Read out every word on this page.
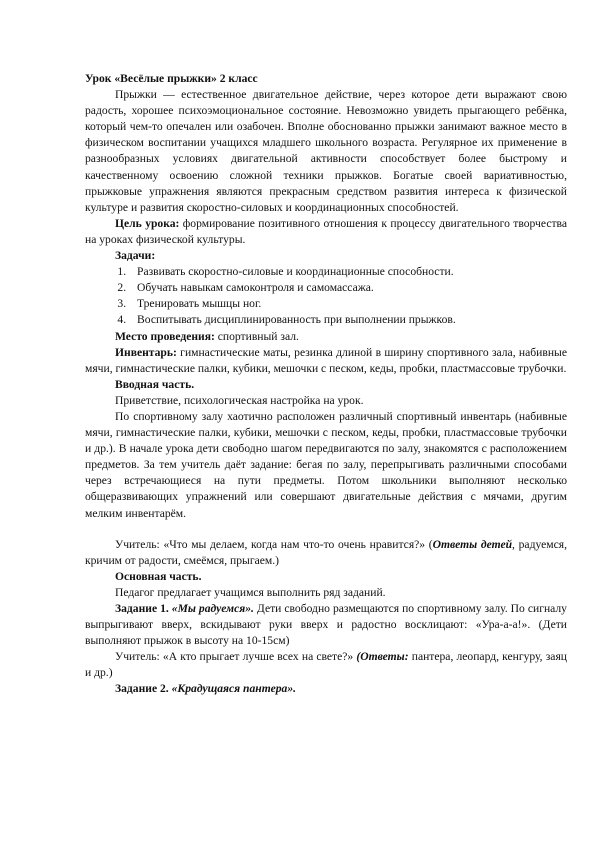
Урок «Весёлые прыжки» 2 класс

Прыжки — естественное двигательное действие, через которое дети выражают свою радость, хорошее психоэмоциональное состояние. Невозможно увидеть прыгающего ребёнка, который чем-то опечален или озабочен. Вполне обоснованно прыжки занимают важное место в физическом воспитании учащихся младшего школьного возраста. Регулярное их применение в разнообразных условиях двигательной активности способствует более быстрому и качественному освоению сложной техники прыжков. Богатые своей вариативностью, прыжковые упражнения являются прекрасным средством развития интереса к физической культуре и развития скоростно-силовых и координационных способностей.

Цель урока: формирование позитивного отношения к процессу двигательного творчества на уроках физической культуры.

Задачи:

1. Развивать скоростно-силовые и координационные способности.
2. Обучать навыкам самоконтроля и самомассажа.
3. Тренировать мышцы ног.
4. Воспитывать дисциплинированность при выполнении прыжков.

Место проведения: спортивный зал.

Инвентарь: гимнастические маты, резинка длиной в ширину спортивного зала, набивные мячи, гимнастические палки, кубики, мешочки с песком, кеды, пробки, пластмассовые трубочки.

Вводная часть.

Приветствие, психологическая настройка на урок.

По спортивному залу хаотично расположен различный спортивный инвентарь (набивные мячи, гимнастические палки, кубики, мешочки с песком, кеды, пробки, пластмассовые трубочки и др.). В начале урока дети свободно шагом передвигаются по залу, знакомятся с расположением предметов. За тем учитель даёт задание: бегая по залу, перепрыгивать различными способами через встречающиеся на пути предметы. Потом школьники выполняют несколько общеразвивающих упражнений или совершают двигательные действия с мячами, другим мелким инвентарём.

Учитель: «Что мы делаем, когда нам что-то очень нравится?» (Ответы детей, радуемся, кричим от радости, смеёмся, прыгаем.)

Основная часть.

Педагог предлагает учащимся выполнить ряд заданий.

Задание 1. «Мы радуемся». Дети свободно размещаются по спортивному залу. По сигналу выпрыгивают вверх, вскидывают руки вверх и радостно восклицают: «Ура-а-а!». (Дети выполняют прыжок в высоту на 10-15см)

Учитель: «А кто прыгает лучше всех на свете?» (Ответы: пантера, леопард, кенгуру, заяц и др.)

Задание 2. «Крадущаяся пантера».
